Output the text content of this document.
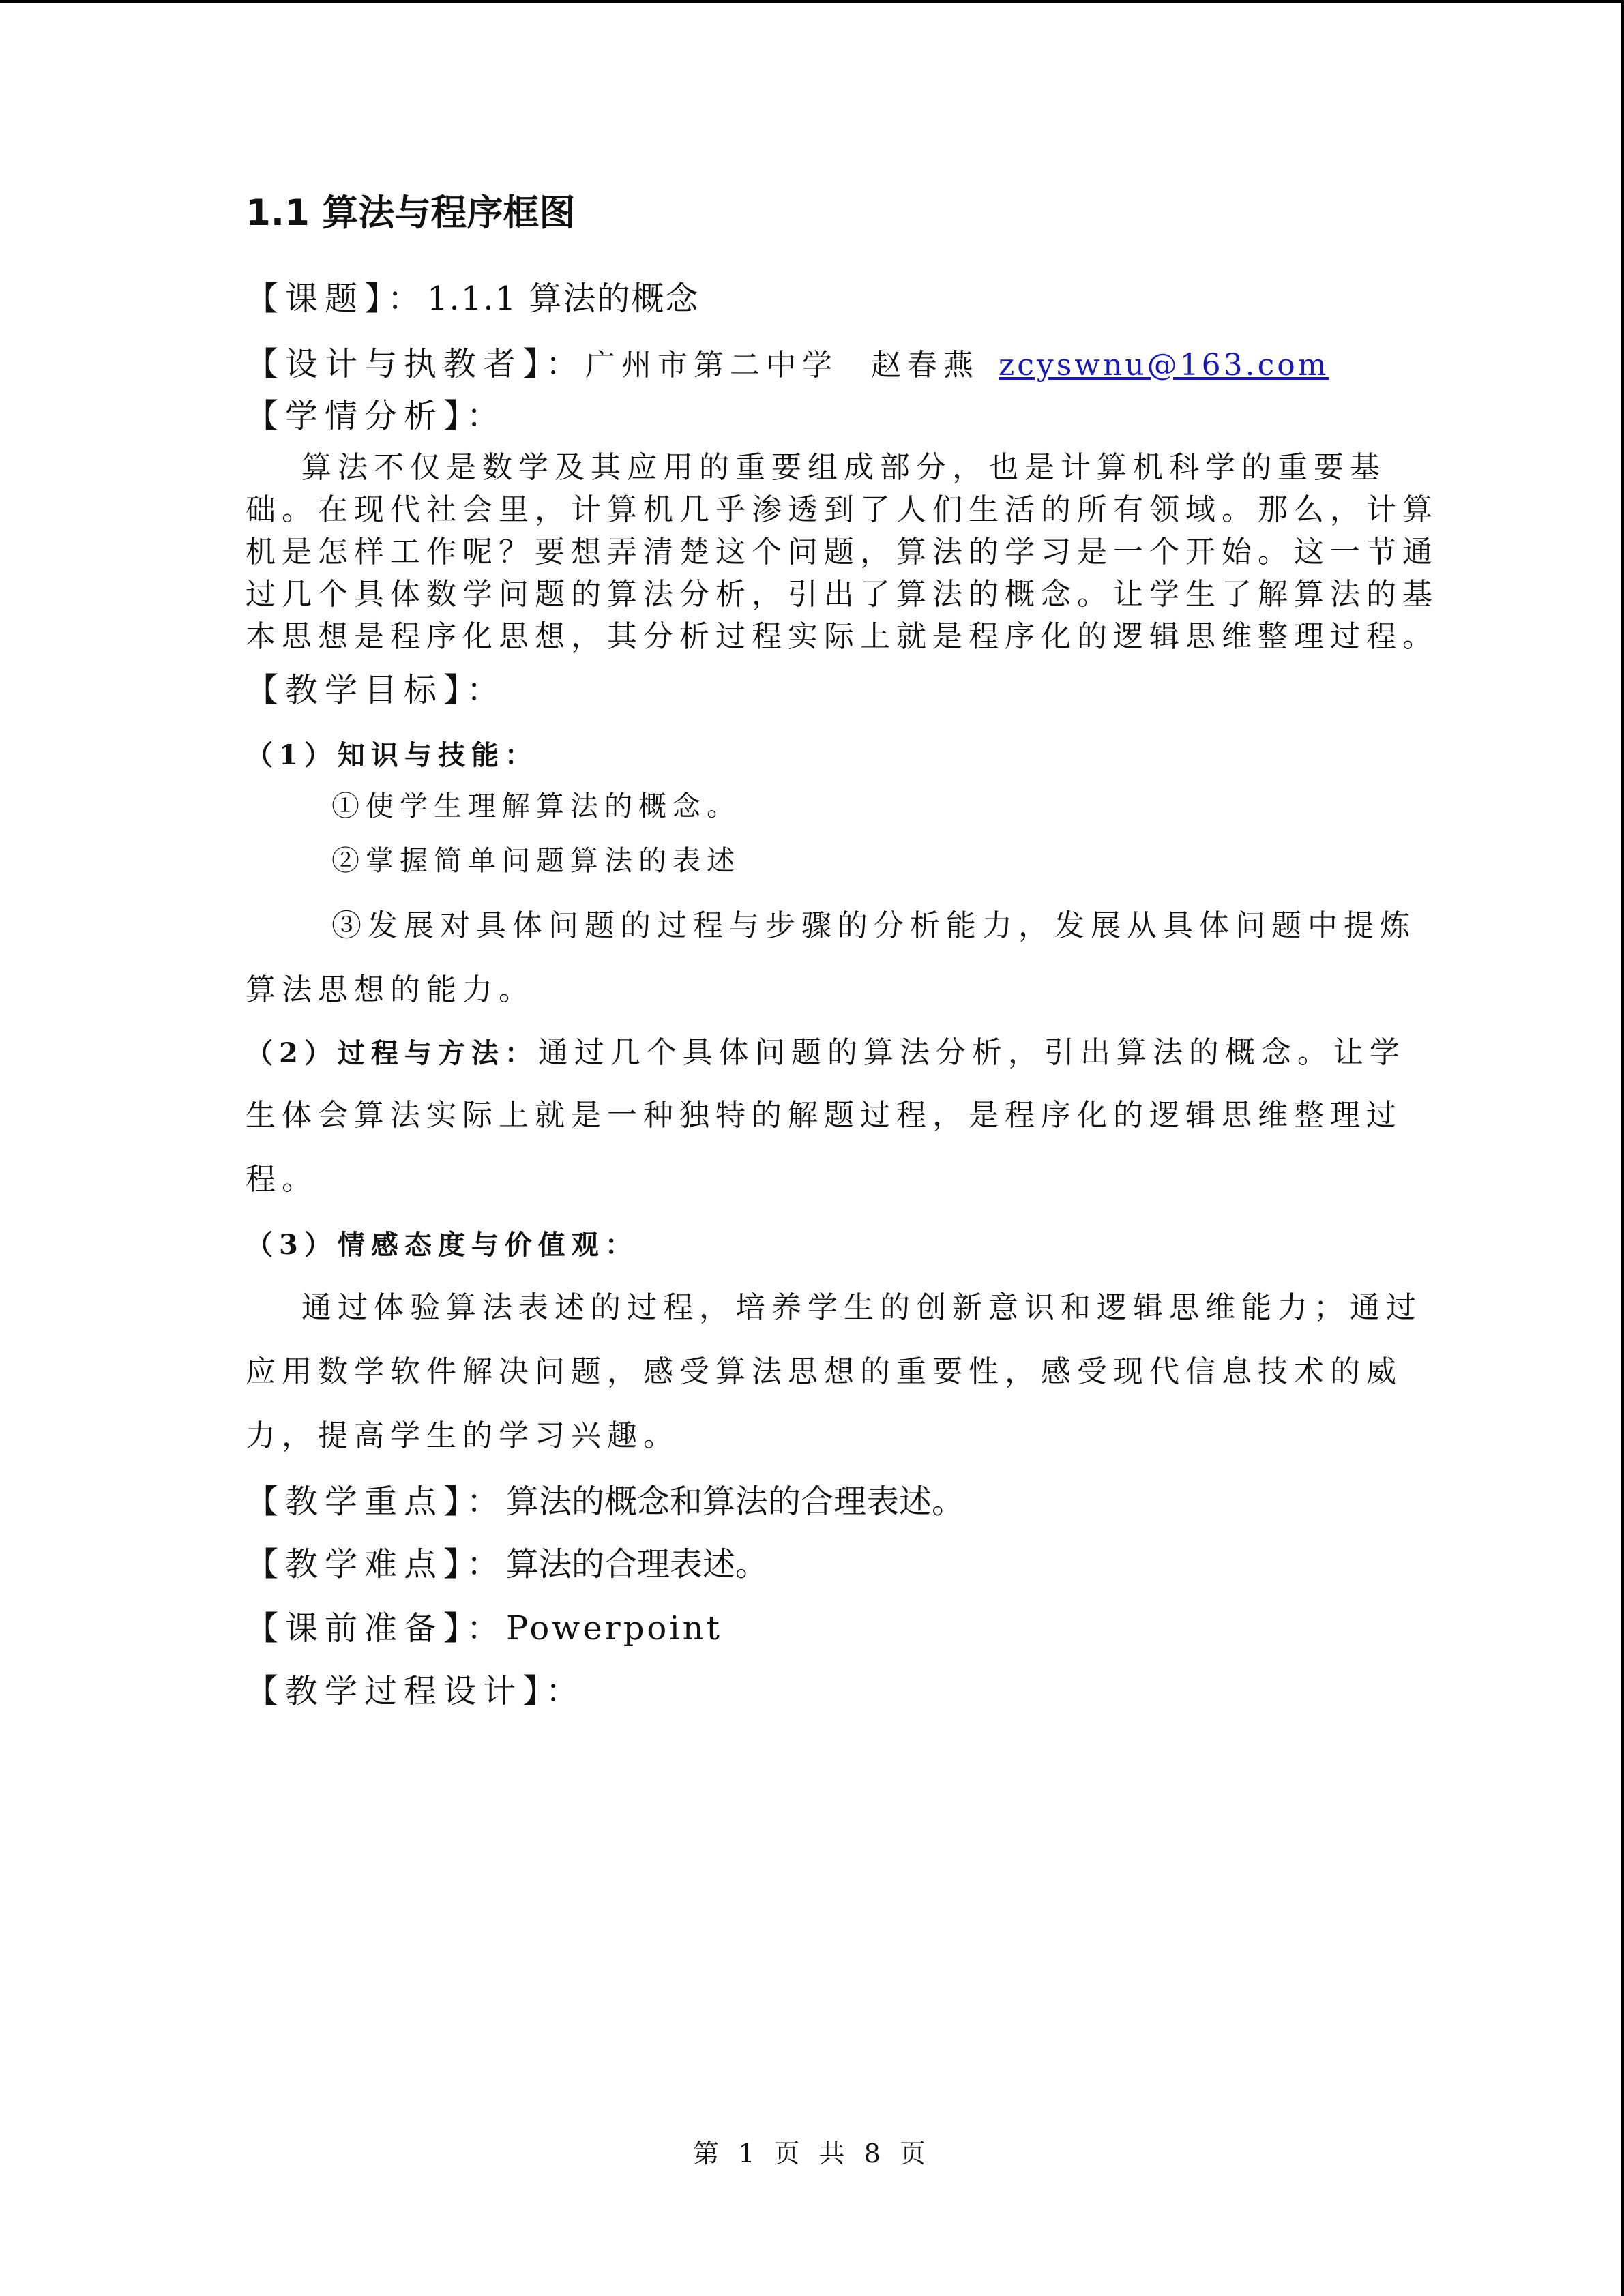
1.1 算法与程序框图
【课题】：1.1.1 算法的概念
【设计与执教者】：广州市第二中学 赵春燕 zcyswnu@163.com
【学情分析】：
算法不仅是数学及其应用的重要组成部分，也是计算机科学的重要基
础。在现代社会里，计算机几乎渗透到了人们生活的所有领域。那么，计算
机是怎样工作呢？要想弄清楚这个问题，算法的学习是一个开始。这一节通
过几个具体数学问题的算法分析，引出了算法的概念。让学生了解算法的基
本思想是程序化思想，其分析过程实际上就是程序化的逻辑思维整理过程。
【教学目标】：
（1）知识与技能：
①使学生理解算法的概念。
②掌握简单问题算法的表述
③发展对具体问题的过程与步骤的分析能力，发展从具体问题中提炼
算法思想的能力。
（2）过程与方法：通过几个具体问题的算法分析，引出算法的概念。让学
生体会算法实际上就是一种独特的解题过程，是程序化的逻辑思维整理过
程。
（3）情感态度与价值观：
通过体验算法表述的过程，培养学生的创新意识和逻辑思维能力；通过
应用数学软件解决问题，感受算法思想的重要性，感受现代信息技术的威
力，提高学生的学习兴趣。
【教学重点】：算法的概念和算法的合理表述。
【教学难点】：算法的合理表述。
【课前准备】：Powerpoint
【教学过程设计】：
第 1 页 共 8 页
